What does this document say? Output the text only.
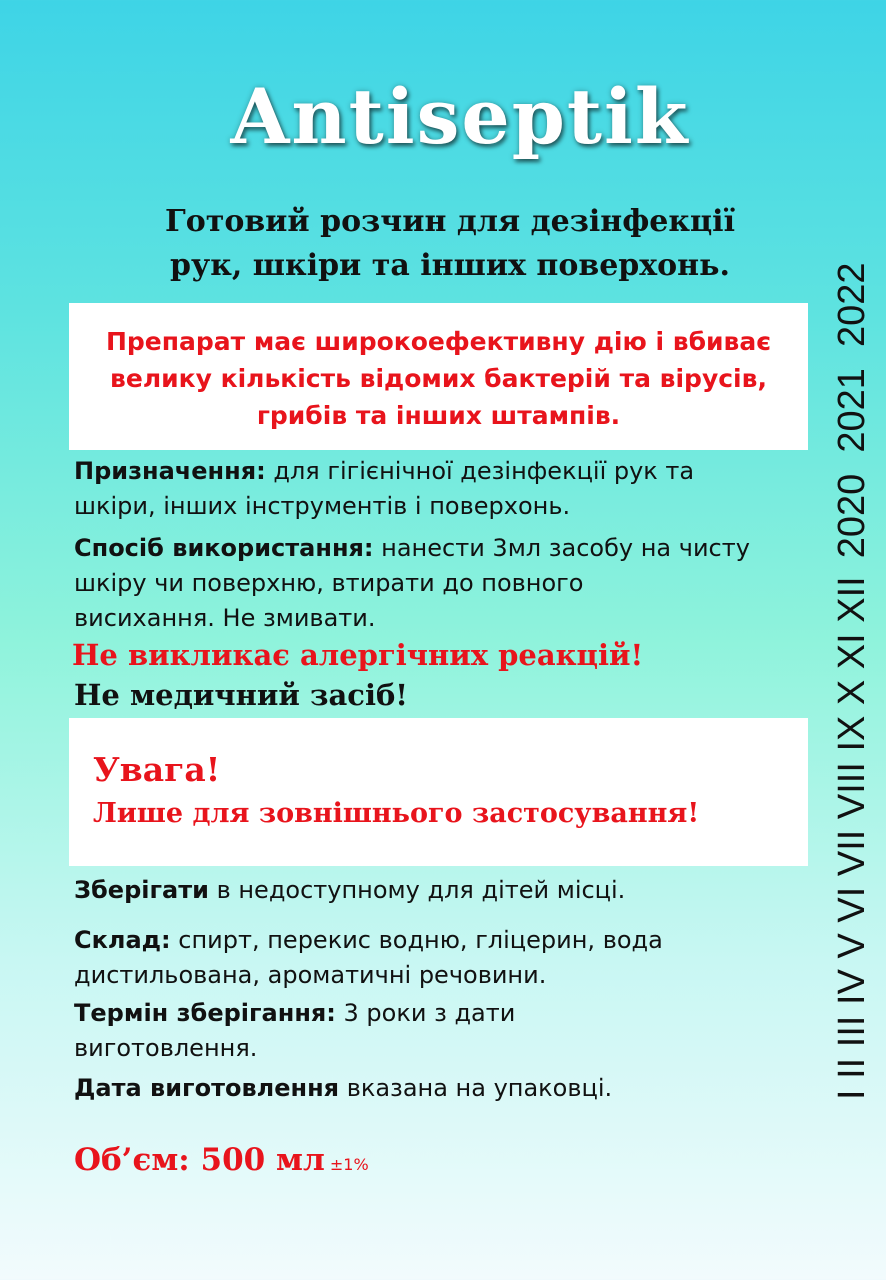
Antiseptik
Готовий розчин для дезінфекції
рук, шкіри та інших поверхонь.
Препарат має широкоефективну дію і вбиває
велику кількість відомих бактерій та вірусів,
грибів та інших штампів.
Призначення: для гігієнічної дезінфекції рук та
шкіри, інших інструментів і поверхонь.
Спосіб використання: нанести 3мл засобу на чисту
шкіру чи поверхню, втирати до повного
висихання. Не змивати.
Не викликає алергічних реакцій!
Не медичний засіб!
Увага!
Лише для зовнішнього застосування!
Зберігати в недоступному для дітей місці.
Склад: спирт, перекис водню, гліцерин, вода
дистильована, ароматичні речовини.
Термін зберігання: 3 роки з дати
виготовлення.
Дата виготовлення вказана на упаковці.
Об’єм: 500 мл ±1%
I II III IV V VI VII VIII IX X XI XII2020  2021  2022
